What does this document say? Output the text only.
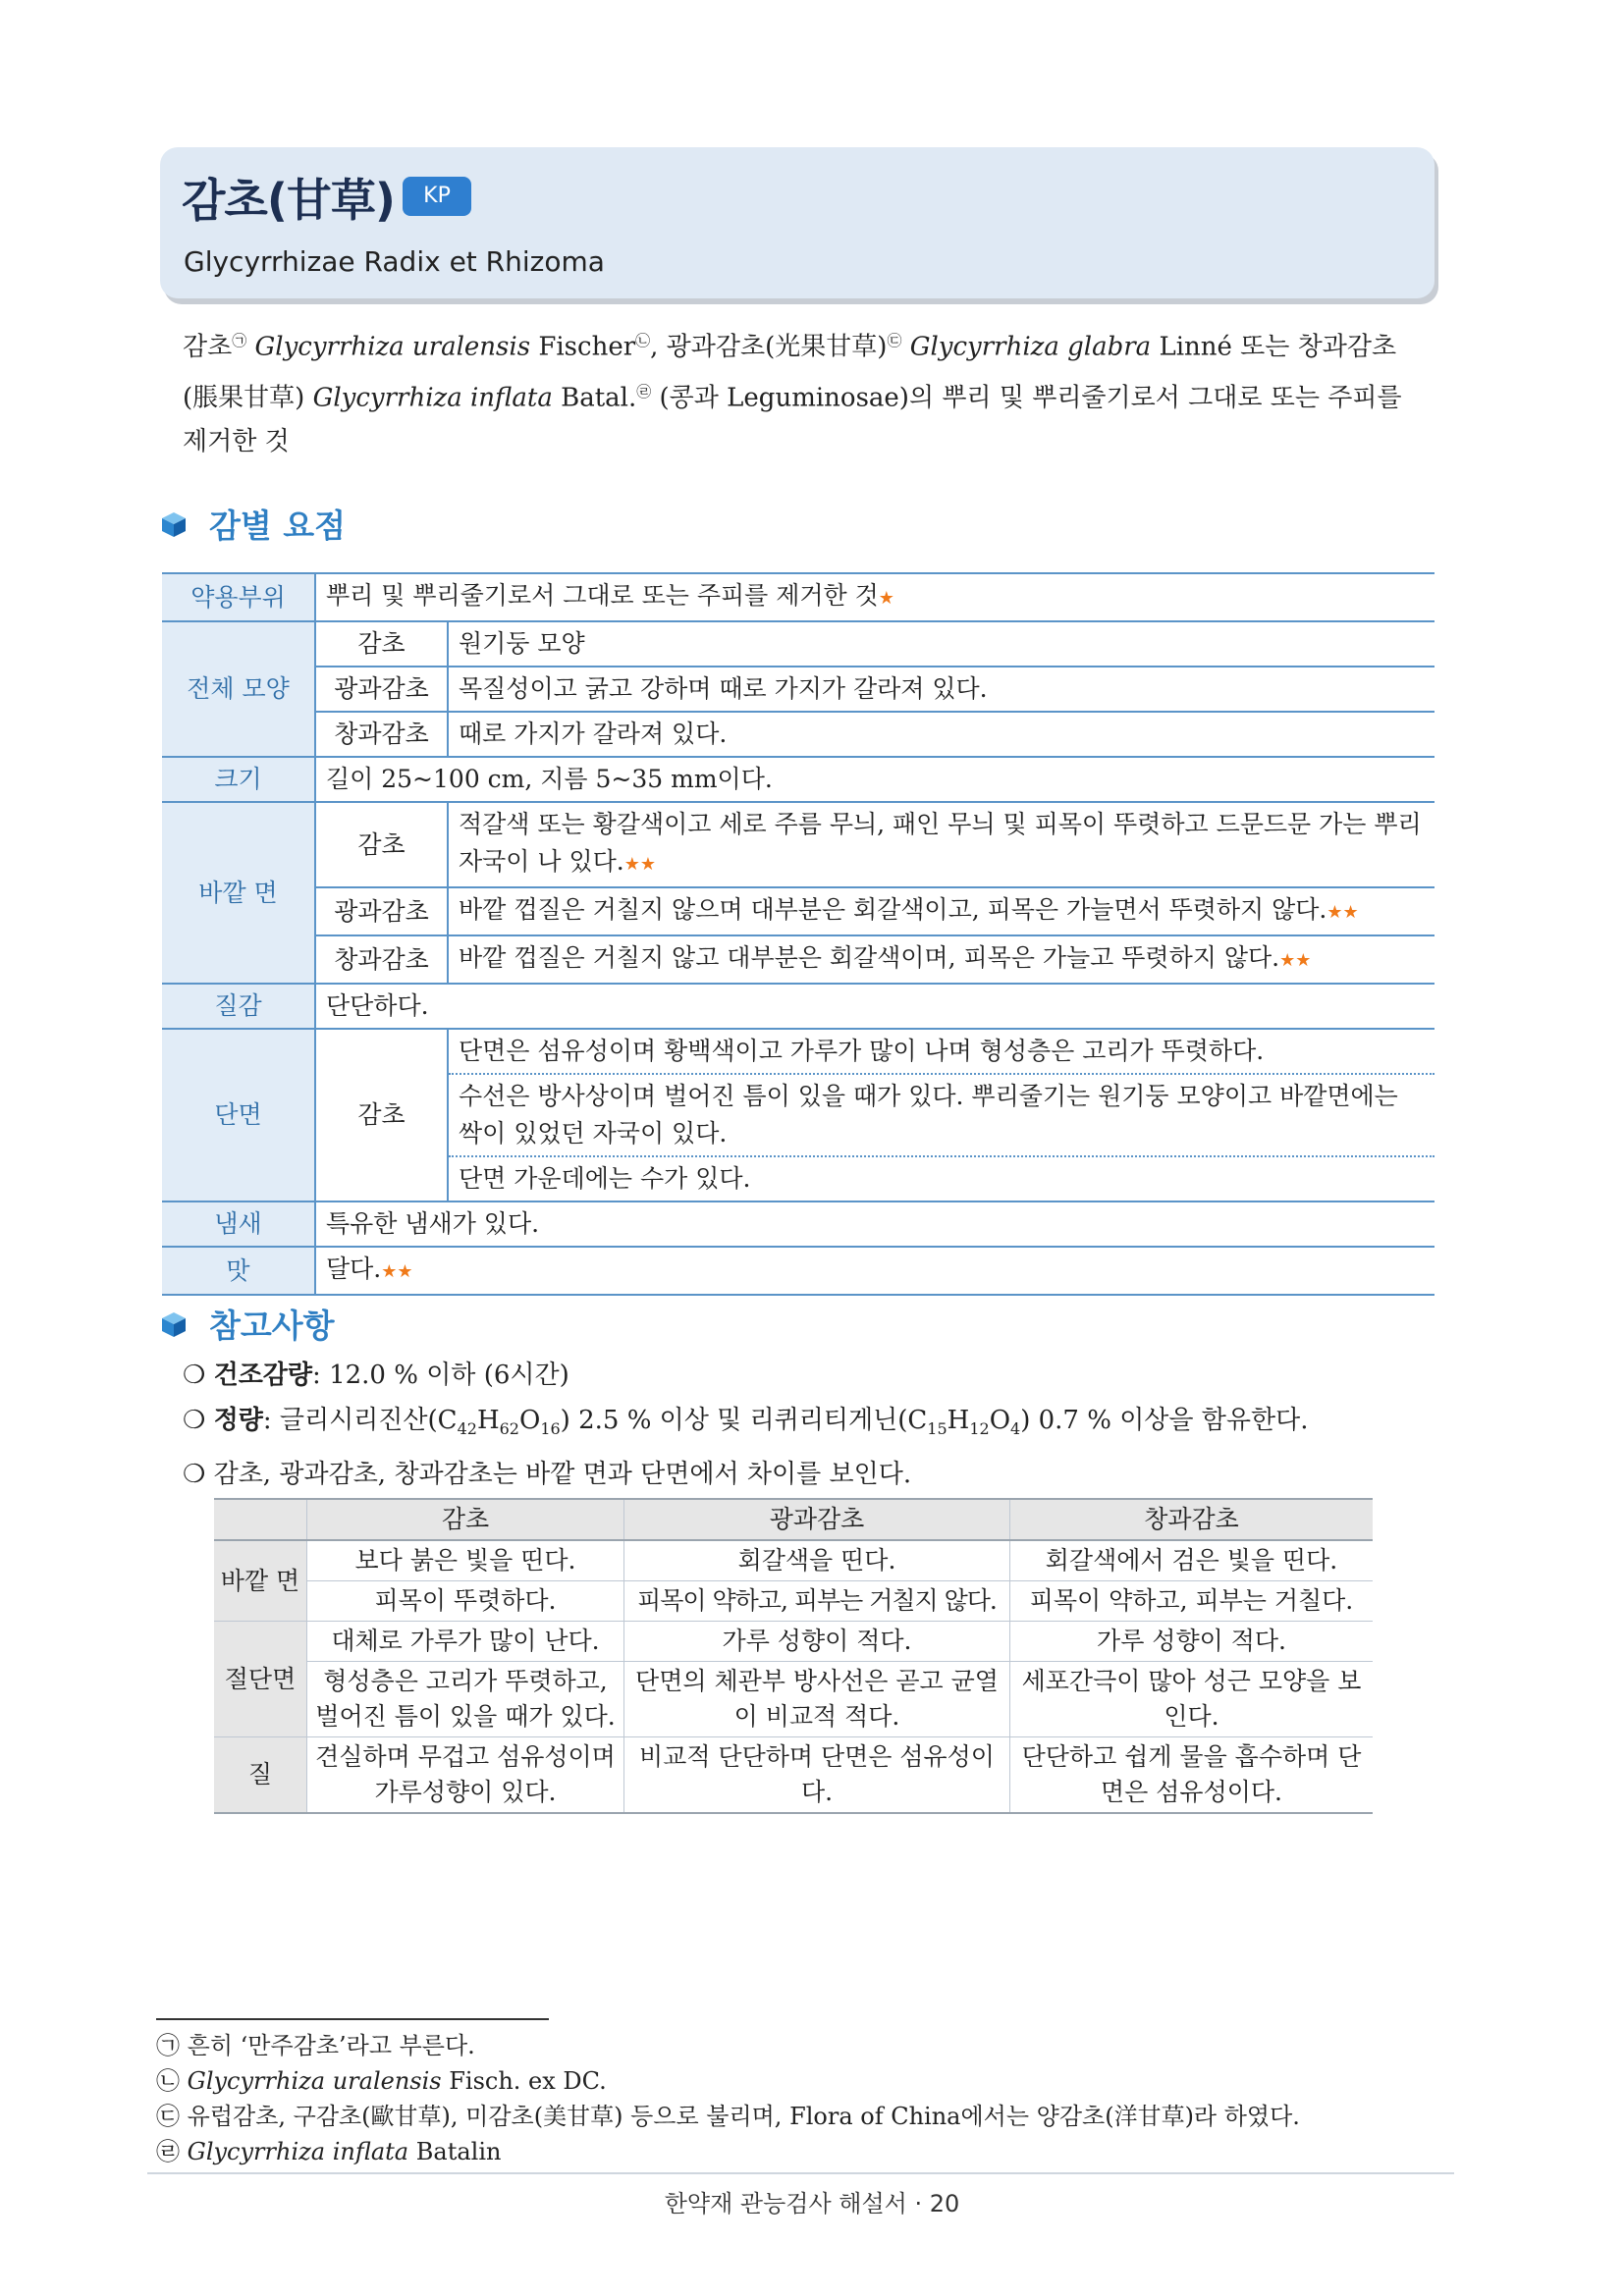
감초(甘草)	KP
Glycyrrhizae Radix et Rhizoma
감초㉠ Glycyrrhiza uralensis Fischer㉡, 광과감초(光果甘草)㉢ Glycyrrhiza glabra Linné 또는 창과감초(脹果甘草) Glycyrrhiza inflata Batal.㉣ (콩과 Leguminosae)의 뿌리 및 뿌리줄기로서 그대로 또는 주피를 제거한 것
감별 요점
약용부위	뿌리 및 뿌리줄기로서 그대로 또는 주피를 제거한 것★	
전체 모양	감초	원기둥 모양
	광과감초	목질성이고 굵고 강하며 때로 가지가 갈라져 있다.
	창과감초	때로 가지가 갈라져 있다.
크기	길이 25~100 cm, 지름 5~35 mm이다.	
바깥 면	감초	적갈색 또는 황갈색이고 세로 주름 무늬, 패인 무늬 및 피목이 뚜렷하고 드문드문 가는 뿌리 자국이 나 있다.★★
	광과감초	바깥 껍질은 거칠지 않으며 대부분은 회갈색이고, 피목은 가늘면서 뚜렷하지 않다.★★
	창과감초	바깥 껍질은 거칠지 않고 대부분은 회갈색이며, 피목은 가늘고 뚜렷하지 않다.★★
질감	단단하다.	
단면	감초	단면은 섬유성이며 황백색이고 가루가 많이 나며 형성층은 고리가 뚜렷하다.
		수선은 방사상이며 벌어진 틈이 있을 때가 있다. 뿌리줄기는 원기둥 모양이고 바깥면에는 싹이 있었던 자국이 있다.
		단면 가운데에는 수가 있다.
냄새	특유한 냄새가 있다.	
맛	달다.★★	
참고사항
❍ 건조감량: 12.0 % 이하 (6시간)
❍ 정량: 글리시리진산$(C_{42}H_{62}O_{16})$ 2.5 % 이상 및 리퀴리티게닌$(C_{15}H_{12}O_4)$ 0.7 % 이상을 함유한다.
❍ 감초, 광과감초, 창과감초는 바깥 면과 단면에서 차이를 보인다.
	감초	광과감초	창과감초
바깥 면	보다 붉은 빛을 띤다.	회갈색을 띤다.	회갈색에서 검은 빛을 띤다.
	피목이 뚜렷하다.	피목이 약하고, 피부는 거칠지 않다.	피목이 약하고, 피부는 거칠다.
절단면	대체로 가루가 많이 난다.	가루 성향이 적다.	가루 성향이 적다.
	형성층은 고리가 뚜렷하고, 벌어진 틈이 있을 때가 있다.	단면의 체관부 방사선은 곧고 균열이 비교적 적다.	세포간극이 많아 성근 모양을 보인다.
질	견실하며 무겁고 섬유성이며 가루성향이 있다.	비교적 단단하며 단면은 섬유성이다.	단단하고 쉽게 물을 흡수하며 단면은 섬유성이다.
㉠ 흔히 ‘만주감초’라고 부른다.
㉡ Glycyrrhiza uralensis Fisch. ex DC.
㉢ 유럽감초, 구감초(歐甘草), 미감초(美甘草) 등으로 불리며, Flora of China에서는 양감초(洋甘草)라 하였다.
㉣ Glycyrrhiza inflata Batalin
한약재 관능검사 해설서 · 20
